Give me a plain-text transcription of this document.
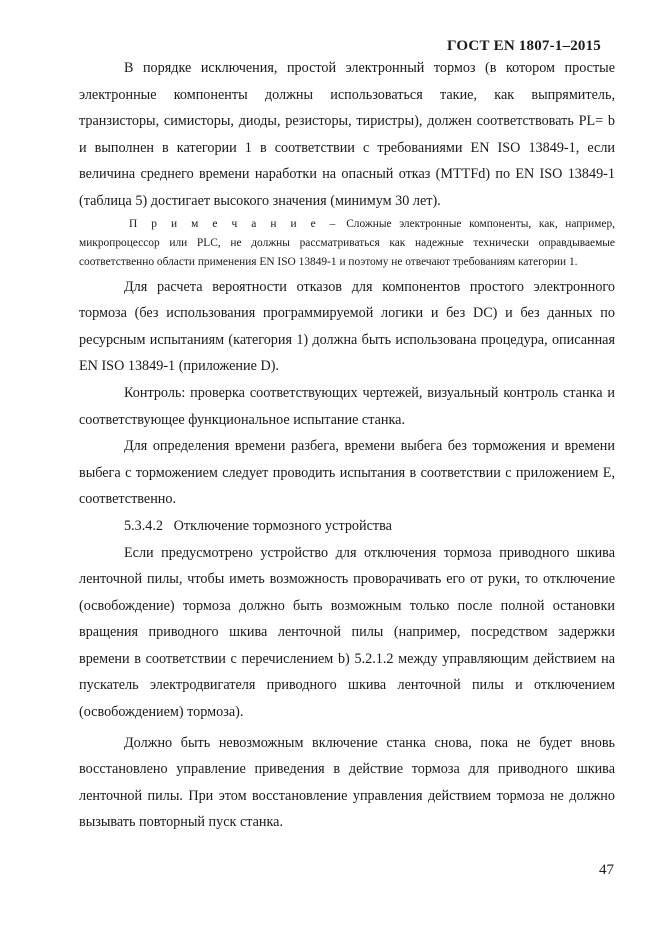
ГОСТ EN 1807-1–2015

В порядке исключения, простой электронный тормоз (в котором простые электронные компоненты должны использоваться такие, как выпрямитель, транзисторы, симисторы, диоды, резисторы, тиристры), должен соответствовать PL= b и выполнен в категории 1 в соответствии с требованиями EN ISO 13849-1, если величина среднего времени наработки на опасный отказ (MTTFd) по EN ISO 13849-1 (таблица 5) достигает высокого значения (минимум 30 лет).

П р и м е ч а н и е – Сложные электронные компоненты, как, например, микропроцессор или PLC, не должны рассматриваться как надежные технически оправдываемые соответственно области применения EN ISO 13849-1 и поэтому не отвечают требованиям категории 1.

Для расчета вероятности отказов для компонентов простого электронного тормоза (без использования программируемой логики и без DC) и без данных по ресурсным испытаниям (категория 1) должна быть использована процедура, описанная EN ISO 13849-1 (приложение D).

Контроль: проверка соответствующих чертежей, визуальный контроль станка и соответствующее функциональное испытание станка.

Для определения времени разбега, времени выбега без торможения и времени выбега с торможением следует проводить испытания в соответствии с приложением E, соответственно.

5.3.4.2   Отключение тормозного устройства

Если предусмотрено устройство для отключения тормоза приводного шкива ленточной пилы, чтобы иметь возможность проворачивать его от руки, то отключение (освобождение) тормоза должно быть возможным только после полной остановки вращения приводного шкива ленточной пилы (например, посредством задержки времени в соответствии с перечислением b) 5.2.1.2 между управляющим действием на пускатель электродвигателя приводного шкива ленточной пилы и отключением (освобождением) тормоза).

Должно быть невозможным включение станка снова, пока не будет вновь восстановлено управление приведения в действие тормоза для приводного шкива ленточной пилы. При этом восстановление управления действием тормоза не должно вызывать повторный пуск станка.

47
